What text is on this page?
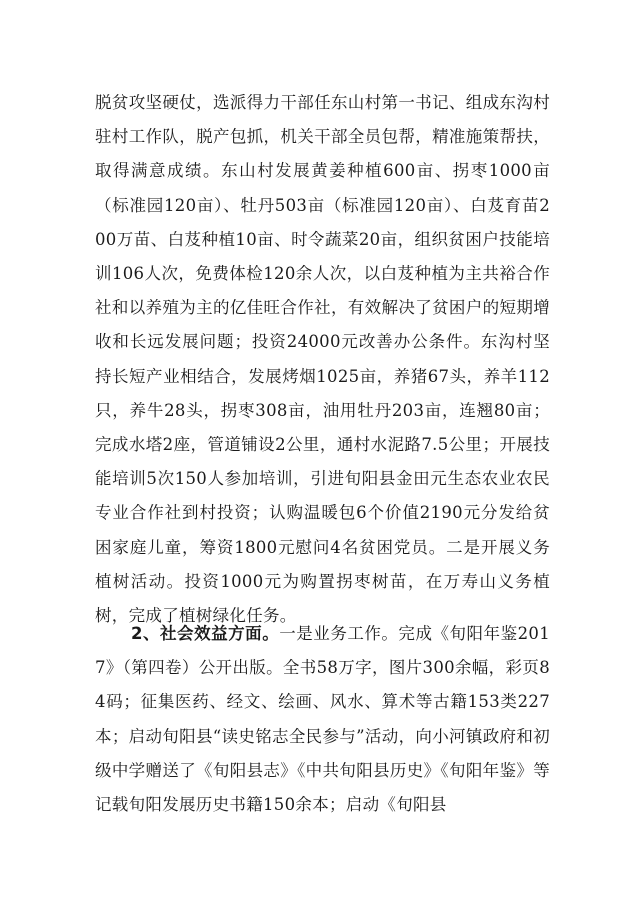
脱贫攻坚硬仗，选派得力干部任东山村第一书记、组成东沟村驻村工作队，脱产包抓，机关干部全员包帮，精准施策帮扶，取得满意成绩。东山村发展黄姜种植600亩、拐枣1000亩（标准园120亩）、牡丹503亩（标准园120亩）、白芨育苗200万苗、白芨种植10亩、时令蔬菜20亩，组织贫困户技能培训106人次，免费体检120余人次，以白芨种植为主共裕合作社和以养殖为主的亿佳旺合作社，有效解决了贫困户的短期增收和长远发展问题；投资24000元改善办公条件。东沟村坚持长短产业相结合，发展烤烟1025亩，养猪67头，养羊112只，养牛28头，拐枣308亩，油用牡丹203亩，连翘80亩；完成水塔2座，管道铺设2公里，通村水泥路7.5公里；开展技能培训5次150人参加培训，引进旬阳县金田元生态农业农民专业合作社到村投资；认购温暖包6个价值2190元分发给贫困家庭儿童，筹资1800元慰问4名贫困党员。二是开展义务植树活动。投资1000元为购置拐枣树苗，在万寿山义务植树，完成了植树绿化任务。

2、社会效益方面。一是业务工作。完成《旬阳年鉴2017》（第四卷）公开出版。全书58万字，图片300余幅，彩页84码；征集医药、经文、绘画、风水、算术等古籍153类227本；启动旬阳县“读史铭志全民参与”活动，向小河镇政府和初级中学赠送了《旬阳县志》《中共旬阳县历史》《旬阳年鉴》等记载旬阳发展历史书籍150余本；启动《旬阳县
